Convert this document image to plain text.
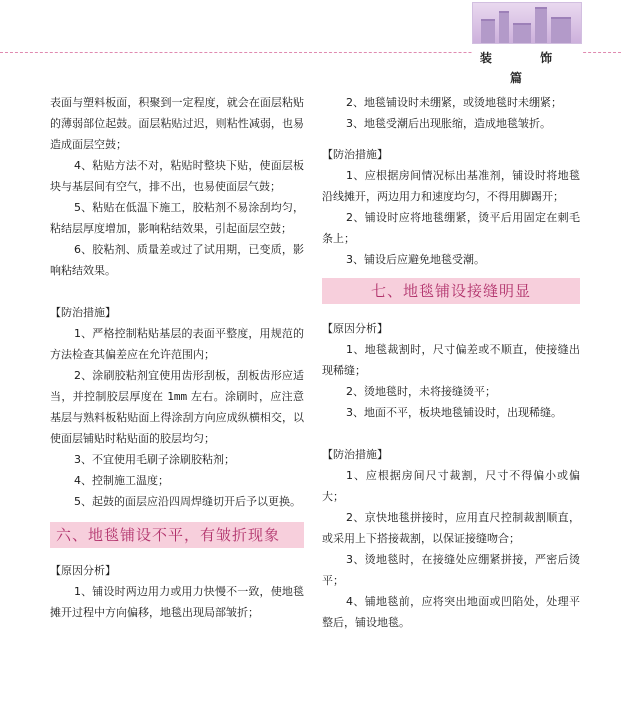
装 饰 篇

表面与塑料板面，积聚到一定程度，就会在面层粘贴的薄弱部位起鼓。面层粘贴过迟，则粘性减弱，也易造成面层空鼓；

4、粘贴方法不对，粘贴时整块下贴，使面层板块与基层间有空气，排不出，也易使面层气鼓；

5、粘贴在低温下施工，胶粘剂不易涂刮均匀，粘结层厚度增加，影响粘结效果，引起面层空鼓；

6、胶粘剂、质量差或过了试用期，已变质，影响粘结效果。

【防治措施】

1、严格控制粘贴基层的表面平整度，用规范的方法检查其偏差应在允许范围内；

2、涂刷胶粘剂宜使用齿形刮板，刮板齿形应适当，并控制胶层厚度在 1mm 左右。涂刷时，应注意基层与熟料板粘贴面上得涂刮方向应成纵横相交，以使面层铺贴时粘贴面的胶层均匀；

3、不宜使用毛刷子涂刷胶粘剂；

4、控制施工温度；

5、起鼓的面层应沿四周焊缝切开后予以更换。

六、地毯铺设不平，有皱折现象

【原因分析】

1、铺设时两边用力或用力快慢不一致，使地毯摊开过程中方向偏移，地毯出现局部皱折；

2、地毯铺设时未绷紧，或烫地毯时未绷紧；

3、地毯受潮后出现胀缩，造成地毯皱折。

【防治措施】

1、应根据房间情况标出基准剂，铺设时将地毯沿线摊开，两边用力和速度均匀，不得用脚踢开；

2、铺设时应将地毯绷紧，烫平后用固定在刺毛条上；

3、铺设后应避免地毯受潮。

七、地毯铺设接缝明显

【原因分析】

1、地毯裁割时，尺寸偏差或不顺直，使接缝出现稀缝；

2、烫地毯时，未将接缝烫平；

3、地面不平，板块地毯铺设时，出现稀缝。

【防治措施】

1、应根据房间尺寸裁割，尺寸不得偏小或偏大；

2、京快地毯拼接时，应用直尺控制裁割顺直，或采用上下搭接裁割，以保证接缝吻合；

3、烫地毯时，在接缝处应绷紧拼接，严密后烫平；

4、铺地毯前，应将突出地面或凹陷处，处理平整后，铺设地毯。
